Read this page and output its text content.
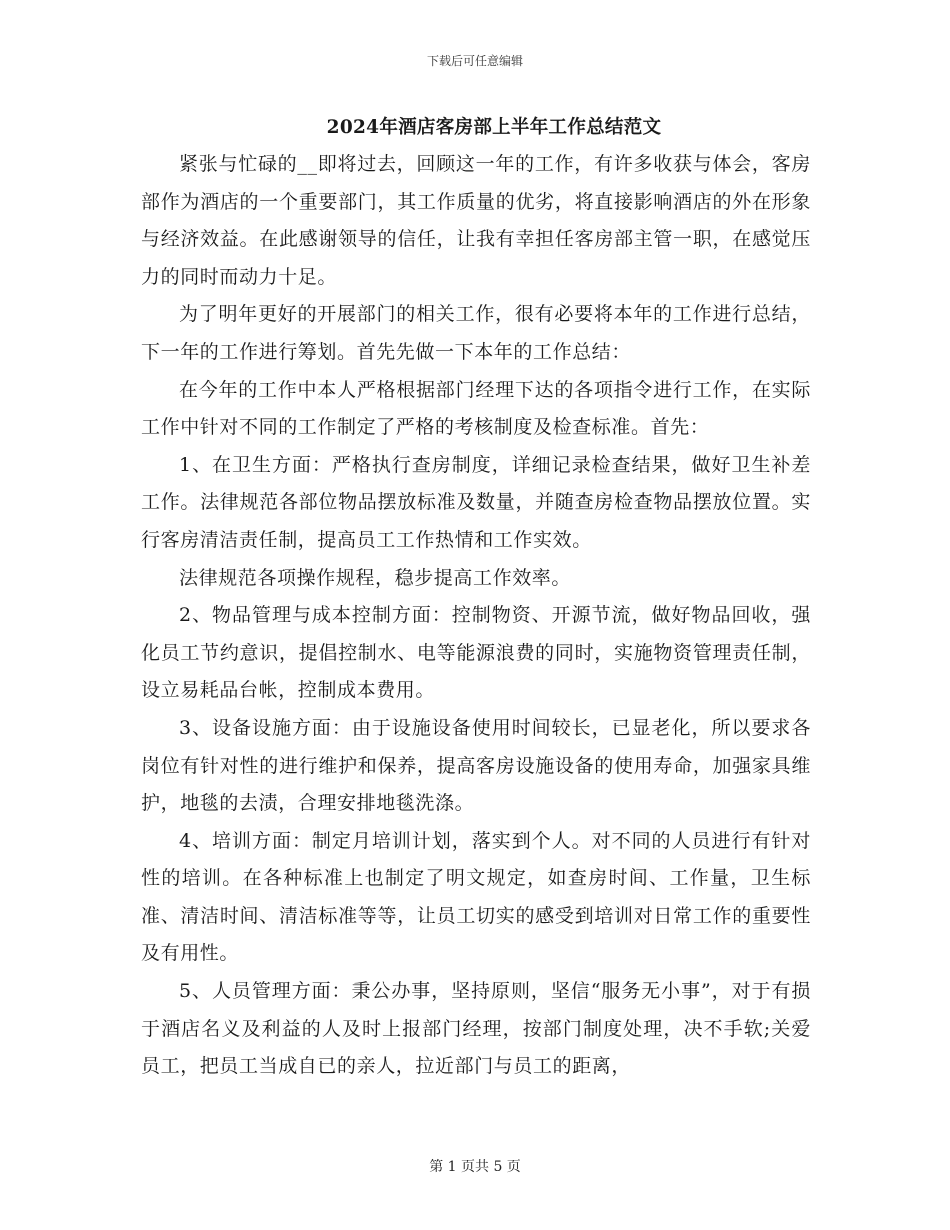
下载后可任意编辑
2024年酒店客房部上半年工作总结范文

紧张与忙碌的__即将过去，回顾这一年的工作，有许多收获与体会，客房部作为酒店的一个重要部门，其工作质量的优劣，将直接影响酒店的外在形象与经济效益。在此感谢领导的信任，让我有幸担任客房部主管一职，在感觉压力的同时而动力十足。

为了明年更好的开展部门的相关工作，很有必要将本年的工作进行总结，下一年的工作进行筹划。首先先做一下本年的工作总结：

在今年的工作中本人严格根据部门经理下达的各项指令进行工作，在实际工作中针对不同的工作制定了严格的考核制度及检查标准。首先：

1、在卫生方面：严格执行查房制度，详细记录检查结果，做好卫生补差工作。法律规范各部位物品摆放标准及数量，并随查房检查物品摆放位置。实行客房清洁责任制，提高员工工作热情和工作实效。

法律规范各项操作规程，稳步提高工作效率。

2、物品管理与成本控制方面：控制物资、开源节流，做好物品回收，强化员工节约意识，提倡控制水、电等能源浪费的同时，实施物资管理责任制，设立易耗品台帐，控制成本费用。

3、设备设施方面：由于设施设备使用时间较长，已显老化，所以要求各岗位有针对性的进行维护和保养，提高客房设施设备的使用寿命，加强家具维护，地毯的去渍，合理安排地毯洗涤。

4、培训方面：制定月培训计划，落实到个人。对不同的人员进行有针对性的培训。在各种标准上也制定了明文规定，如查房时间、工作量，卫生标准、清洁时间、清洁标准等等，让员工切实的感受到培训对日常工作的重要性及有用性。

5、人员管理方面：秉公办事，坚持原则，坚信“服务无小事”，对于有损于酒店名义及利益的人及时上报部门经理，按部门制度处理，决不手软;关爱员工，把员工当成自已的亲人，拉近部门与员工的距离，

第 1 页共 5 页
